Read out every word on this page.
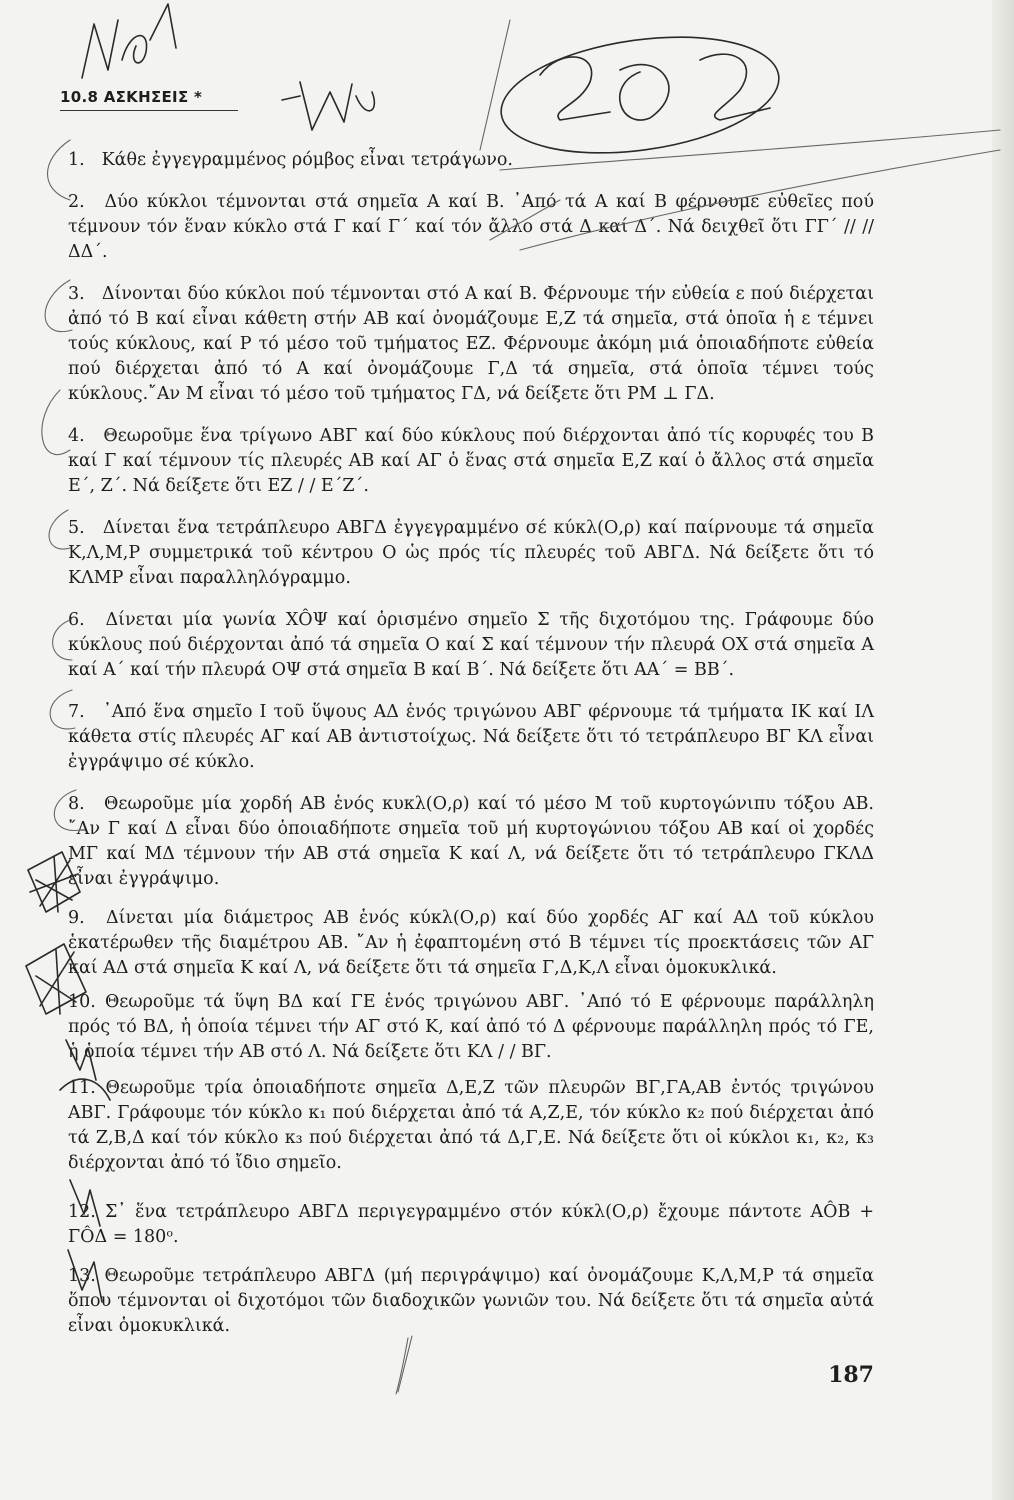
10.8 ΑΣΚΗΣΕΙΣ *
1. Κάθε ἐγγεγραμμένος ρόμβος εἶναι τετράγωνο.
2. Δύο κύκλοι τέμνονται στά σημεῖα Α καί Β. ᾿Από τά Α καί Β φέρνουμε εὐθεῖες πού τέμνουν τόν ἕναν κύκλο στά Γ καί Γ΄ καί τόν ἄλλο στά Δ καί Δ΄. Νά δειχθεῖ ὅτι ΓΓ΄ // // ΔΔ΄.
3. Δίνονται δύο κύκλοι πού τέμνονται στό Α καί Β. Φέρνουμε τήν εὐθεία ε πού διέρχεται ἀπό τό Β καί εἶναι κάθετη στήν ΑΒ καί ὀνομάζουμε Ε,Ζ τά σημεῖα, στά ὁποῖα ἡ ε τέμνει τούς κύκλους, καί Ρ τό μέσο τοῦ τμήματος ΕΖ. Φέρνουμε ἀκόμη μιά ὁποιαδήποτε εὐθεία πού διέρχεται ἀπό τό Α καί ὀνομάζουμε Γ,Δ τά σημεῖα, στά ὁποῖα τέμνει τούς κύκλους.῎Αν Μ εἶναι τό μέσο τοῦ τμήματος ΓΔ, νά δείξετε ὅτι ΡΜ ⊥ ΓΔ.
4. Θεωροῦμε ἕνα τρίγωνο ΑΒΓ καί δύο κύκλους πού διέρχονται ἀπό τίς κορυφές του Β καί Γ καί τέμνουν τίς πλευρές ΑΒ καί ΑΓ ὁ ἕνας στά σημεῖα Ε,Ζ καί ὁ ἄλλος στά σημεῖα Ε΄, Ζ΄. Νά δείξετε ὅτι ΕΖ / / Ε΄Ζ΄.
5. Δίνεται ἕνα τετράπλευρο ΑΒΓΔ ἐγγεγραμμένο σέ κύκλ(Ο,ρ) καί παίρνουμε τά σημεῖα Κ,Λ,Μ,Ρ συμμετρικά τοῦ κέντρου Ο ὡς πρός τίς πλευρές τοῦ ΑΒΓΔ. Νά δείξετε ὅτι τό ΚΛΜΡ εἶναι παραλληλόγραμμο.
6. Δίνεται μία γωνία ΧÔΨ καί ὁρισμένο σημεῖο Σ τῆς διχοτόμου της. Γράφουμε δύο κύκλους πού διέρχονται ἀπό τά σημεῖα Ο καί Σ καί τέμνουν τήν πλευρά ΟΧ στά σημεῖα Α καί Α΄ καί τήν πλευρά ΟΨ στά σημεῖα Β καί Β΄. Νά δείξετε ὅτι ΑΑ΄ = ΒΒ΄.
7. ᾿Από ἕνα σημεῖο Ι τοῦ ὕψους ΑΔ ἑνός τριγώνου ΑΒΓ φέρνουμε τά τμήματα ΙΚ καί ΙΛ κάθετα στίς πλευρές ΑΓ καί ΑΒ ἀντιστοίχως. Νά δείξετε ὅτι τό τετράπλευρο ΒΓ ΚΛ εἶναι ἐγγράψιμο σέ κύκλο.
8. Θεωροῦμε μία χορδή ΑΒ ἑνός κυκλ(Ο,ρ) καί τό μέσο Μ τοῦ κυρτογώνιπυ τόξου ΑΒ. ῎Αν Γ καί Δ εἶναι δύο ὁποιαδήποτε σημεῖα τοῦ μή κυρτογώνιου τόξου ΑΒ καί οἱ χορδές ΜΓ καί ΜΔ τέμνουν τήν ΑΒ στά σημεῖα Κ καί Λ, νά δείξετε ὅτι τό τετράπλευρο ΓΚΛΔ εἶναι ἐγγράψιμο.
9. Δίνεται μία διάμετρος ΑΒ ἑνός κύκλ(Ο,ρ) καί δύο χορδές ΑΓ καί ΑΔ τοῦ κύκλου ἑκατέρωθεν τῆς διαμέτρου ΑΒ. ῎Αν ἡ ἐφαπτομένη στό Β τέμνει τίς προεκτάσεις τῶν ΑΓ καί ΑΔ στά σημεῖα Κ καί Λ, νά δείξετε ὅτι τά σημεῖα Γ,Δ,Κ,Λ εἶναι ὁμοκυκλικά.
10. Θεωροῦμε τά ὕψη ΒΔ καί ΓΕ ἑνός τριγώνου ΑΒΓ. ᾿Από τό Ε φέρνουμε παράλληλη πρός τό ΒΔ, ἡ ὁποία τέμνει τήν ΑΓ στό Κ, καί ἀπό τό Δ φέρνουμε παράλληλη πρός τό ΓΕ, ἡ ὁποία τέμνει τήν ΑΒ στό Λ. Νά δείξετε ὅτι ΚΛ / / ΒΓ.
11. Θεωροῦμε τρία ὁποιαδήποτε σημεῖα Δ,Ε,Ζ τῶν πλευρῶν ΒΓ,ΓΑ,ΑΒ ἐντός τριγώνου ΑΒΓ. Γράφουμε τόν κύκλο κ₁ πού διέρχεται ἀπό τά Α,Ζ,Ε, τόν κύκλο κ₂ πού διέρχεται ἀπό τά Ζ,Β,Δ καί τόν κύκλο κ₃ πού διέρχεται ἀπό τά Δ,Γ,Ε. Νά δείξετε ὅτι οἱ κύκλοι κ₁, κ₂, κ₃ διέρχονται ἀπό τό ἴδιο σημεῖο.
12. Σ᾿ ἕνα τετράπλευρο ΑΒΓΔ περιγεγραμμένο στόν κύκλ(Ο,ρ) ἔχουμε πάντοτε ΑÔΒ + ΓÔΔ = 180ᵒ.
13. Θεωροῦμε τετράπλευρο ΑΒΓΔ (μή περιγράψιμο) καί ὀνομάζουμε Κ,Λ,Μ,Ρ τά σημεῖα ὅπου τέμνονται οἱ διχοτόμοι τῶν διαδοχικῶν γωνιῶν του. Νά δείξετε ὅτι τά σημεῖα αὐτά εἶναι ὁμοκυκλικά.
187
